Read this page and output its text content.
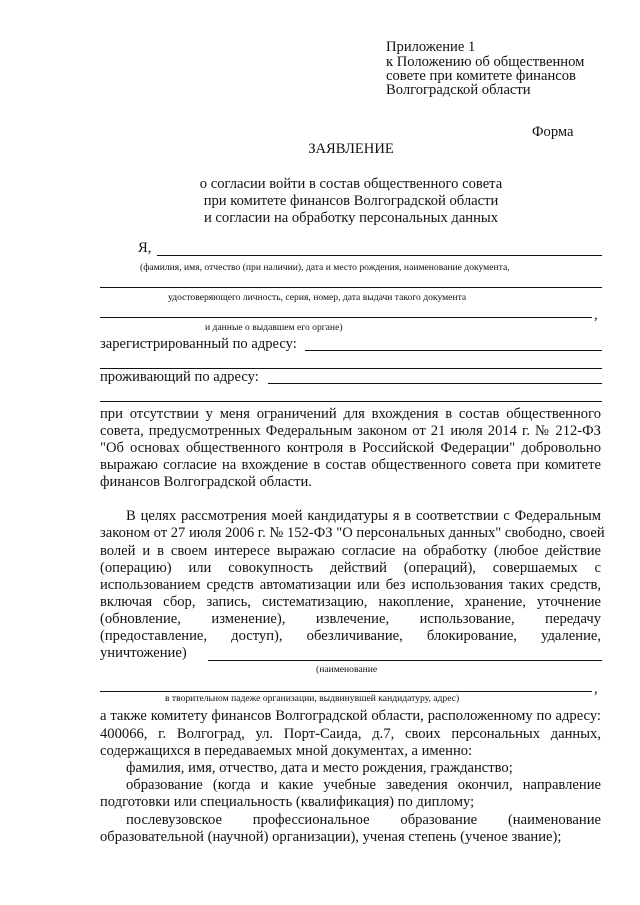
Приложение 1
к Положению об общественном
совете при комитете финансов
Волгоградской области
Форма
ЗАЯВЛЕНИЕ
о согласии войти в состав общественного совета
при комитете финансов Волгоградской области
и согласии на обработку персональных данных
Я,
(фамилия, имя, отчество (при наличии), дата и место рождения, наименование документа,
удостоверяющего личность, серия, номер, дата выдачи такого документа
,
и данные о выдавшем его органе)
зарегистрированный по адресу:
проживающий по адресу:
при отсутствии у меня ограничений для вхождения в состав общественного
совета, предусмотренных Федеральным законом от 21 июля 2014 г. № 212-ФЗ
"Об основах общественного контроля в Российской Федерации" добровольно
выражаю согласие на вхождение в состав общественного совета при комитете
финансов Волгоградской области.
В целях рассмотрения моей кандидатуры я в соответствии с Федеральным
законом от 27 июля 2006 г. № 152-ФЗ "О персональных данных" свободно, своей
волей и в своем интересе выражаю согласие на обработку (любое действие
(операцию) или совокупность действий (операций), совершаемых с
использованием средств автоматизации или без использования таких средств,
включая сбор, запись, систематизацию, накопление, хранение, уточнение
(обновление, изменение), извлечение, использование, передачу
(предоставление, доступ), обезличивание, блокирование, удаление,
уничтожение)
(наименование
,
в творительном падеже организации, выдвинувшей кандидатуру, адрес)
а также комитету финансов Волгоградской области, расположенному по адресу:
400066, г. Волгоград, ул. Порт-Саида, д.7, своих персональных данных,
содержащихся в передаваемых мной документах, а именно:
фамилия, имя, отчество, дата и место рождения, гражданство;
образование (когда и какие учебные заведения окончил, направление
подготовки или специальность (квалификация) по диплому;
послевузовское профессиональное образование (наименование
образовательной (научной) организации), ученая степень (ученое звание);
